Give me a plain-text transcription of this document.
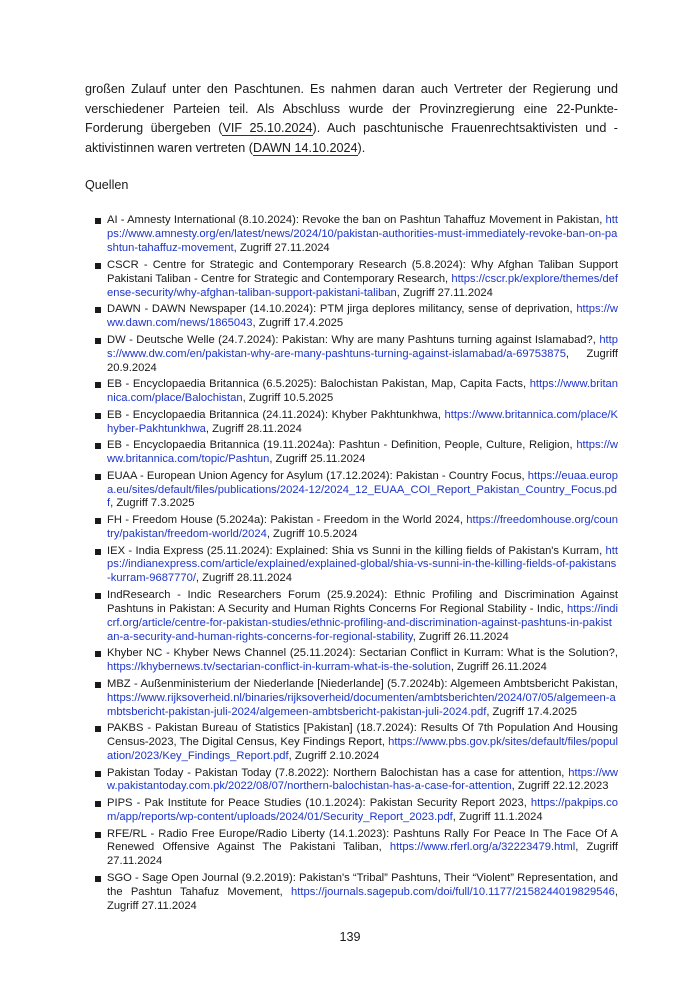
großen Zulauf unter den Paschtunen. Es nahmen daran auch Vertreter der Regierung und verschiedener Parteien teil. Als Abschluss wurde der Provinzregierung eine 22-Punkte-Forderung übergeben (VIF 25.10.2024). Auch paschtunische Frauenrechtsaktivisten und -aktivistinnen waren vertreten (DAWN 14.10.2024).

Quellen

AI - Amnesty International (8.10.2024): Revoke the ban on Pashtun Tahaffuz Movement in Pakistan, https://www.amnesty.org/en/latest/news/2024/10/pakistan-authorities-must-immediately-revoke-ban-on-pashtun-tahaffuz-movement, Zugriff 27.11.2024
CSCR - Centre for Strategic and Contemporary Research (5.8.2024): Why Afghan Taliban Support Pakistani Taliban - Centre for Strategic and Contemporary Research, https://cscr.pk/explore/themes/defense-security/why-afghan-taliban-support-pakistani-taliban, Zugriff 27.11.2024
DAWN - DAWN Newspaper (14.10.2024): PTM jirga deplores militancy, sense of deprivation, https://www.dawn.com/news/1865043, Zugriff 17.4.2025
DW - Deutsche Welle (24.7.2024): Pakistan: Why are many Pashtuns turning against Islamabad?, https://www.dw.com/en/pakistan-why-are-many-pashtuns-turning-against-islamabad/a-69753875, Zugriff 20.9.2024
EB - Encyclopaedia Britannica (6.5.2025): Balochistan Pakistan, Map, Capita Facts, https://www.britannica.com/place/Balochistan, Zugriff 10.5.2025
EB - Encyclopaedia Britannica (24.11.2024): Khyber Pakhtunkhwa, https://www.britannica.com/place/Khyber-Pakhtunkhwa, Zugriff 28.11.2024
EB - Encyclopaedia Britannica (19.11.2024a): Pashtun - Definition, People, Culture, Religion, https://www.britannica.com/topic/Pashtun, Zugriff 25.11.2024
EUAA - European Union Agency for Asylum (17.12.2024): Pakistan - Country Focus, https://euaa.europa.eu/sites/default/files/publications/2024-12/2024_12_EUAA_COI_Report_Pakistan_Country_Focus.pdf, Zugriff 7.3.2025
FH - Freedom House (5.2024a): Pakistan - Freedom in the World 2024, https://freedomhouse.org/country/pakistan/freedom-world/2024, Zugriff 10.5.2024
IEX - India Express (25.11.2024): Explained: Shia vs Sunni in the killing fields of Pakistan's Kurram, https://indianexpress.com/article/explained/explained-global/shia-vs-sunni-in-the-killing-fields-of-pakistans-kurram-9687770/, Zugriff 28.11.2024
IndResearch - Indic Researchers Forum (25.9.2024): Ethnic Profiling and Discrimination Against Pashtuns in Pakistan: A Security and Human Rights Concerns For Regional Stability - Indic, https://indicrf.org/article/centre-for-pakistan-studies/ethnic-profiling-and-discrimination-against-pashtuns-in-pakistan-a-security-and-human-rights-concerns-for-regional-stability, Zugriff 26.11.2024
Khyber NC - Khyber News Channel (25.11.2024): Sectarian Conflict in Kurram: What is the Solution?, https://khybernews.tv/sectarian-conflict-in-kurram-what-is-the-solution, Zugriff 26.11.2024
MBZ - Außenministerium der Niederlande [Niederlande] (5.7.2024b): Algemeen Ambtsbericht Pakistan, https://www.rijksoverheid.nl/binaries/rijksoverheid/documenten/ambtsberichten/2024/07/05/algemeen-ambtsbericht-pakistan-juli-2024/algemeen-ambtsbericht-pakistan-juli-2024.pdf, Zugriff 17.4.2025
PAKBS - Pakistan Bureau of Statistics [Pakistan] (18.7.2024): Results Of 7th Population And Housing Census-2023, The Digital Census, Key Findings Report, https://www.pbs.gov.pk/sites/default/files/population/2023/Key_Findings_Report.pdf, Zugriff 2.10.2024
Pakistan Today - Pakistan Today (7.8.2022): Northern Balochistan has a case for attention, https://www.pakistantoday.com.pk/2022/08/07/northern-balochistan-has-a-case-for-attention, Zugriff 22.12.2023
PIPS - Pak Institute for Peace Studies (10.1.2024): Pakistan Security Report 2023, https://pakpips.com/app/reports/wp-content/uploads/2024/01/Security_Report_2023.pdf, Zugriff 11.1.2024
RFE/RL - Radio Free Europe/Radio Liberty (14.1.2023): Pashtuns Rally For Peace In The Face Of A Renewed Offensive Against The Pakistani Taliban, https://www.rferl.org/a/32223479.html, Zugriff 27.11.2024
SGO - Sage Open Journal (9.2.2019): Pakistan's “Tribal” Pashtuns, Their “Violent” Representation, and the Pashtun Tahafuz Movement, https://journals.sagepub.com/doi/full/10.1177/2158244019829546, Zugriff 27.11.2024
139
